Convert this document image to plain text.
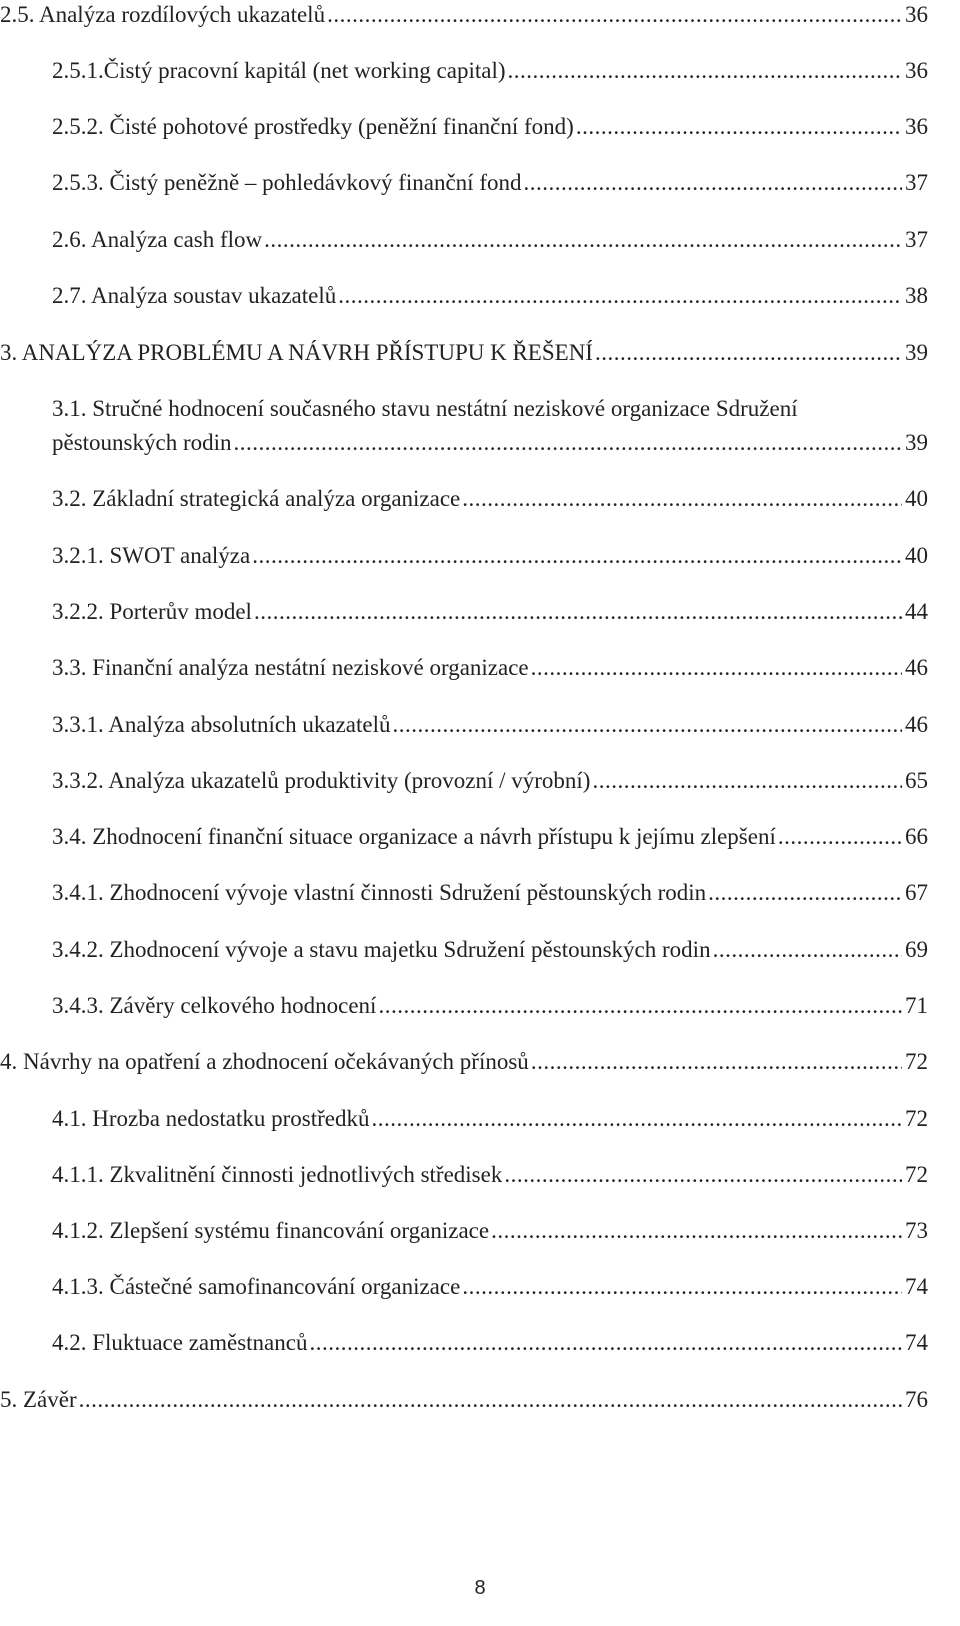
2.5. Analýza rozdílových ukazatelů .....	36
2.5.1.Čistý pracovní kapitál (net working capital) .....	36
2.5.2. Čisté pohotové prostředky (peněžní finanční fond) .....	36
2.5.3. Čistý peněžně – pohledávkový finanční fond .....	37
2.6. Analýza cash flow .....	37
2.7. Analýza soustav ukazatelů .....	38
3. ANALÝZA PROBLÉMU A NÁVRH PŘÍSTUPU K ŘEŠENÍ .....	39
3.1. Stručné hodnocení současného stavu nestátní neziskové organizace Sdružení
pěstounských rodin .....	39
3.2. Základní strategická analýza organizace .....	40
3.2.1. SWOT analýza .....	40
3.2.2. Porterův model .....	44
3.3. Finanční analýza nestátní neziskové organizace .....	46
3.3.1. Analýza absolutních ukazatelů .....	46
3.3.2. Analýza ukazatelů produktivity (provozní / výrobní) .....	65
3.4. Zhodnocení finanční situace organizace a návrh přístupu k jejímu zlepšení .....	66
3.4.1. Zhodnocení vývoje vlastní činnosti Sdružení pěstounských rodin .....	67
3.4.2. Zhodnocení vývoje a stavu majetku Sdružení pěstounských rodin .....	69
3.4.3. Závěry celkového hodnocení .....	71
4. Návrhy na opatření a zhodnocení očekávaných přínosů .....	72
4.1. Hrozba nedostatku prostředků .....	72
4.1.1. Zkvalitnění činnosti jednotlivých středisek .....	72
4.1.2. Zlepšení systému financování organizace .....	73
4.1.3. Částečné samofinancování organizace .....	74
4.2. Fluktuace zaměstnanců .....	74
5. Závěr .....	76
8
